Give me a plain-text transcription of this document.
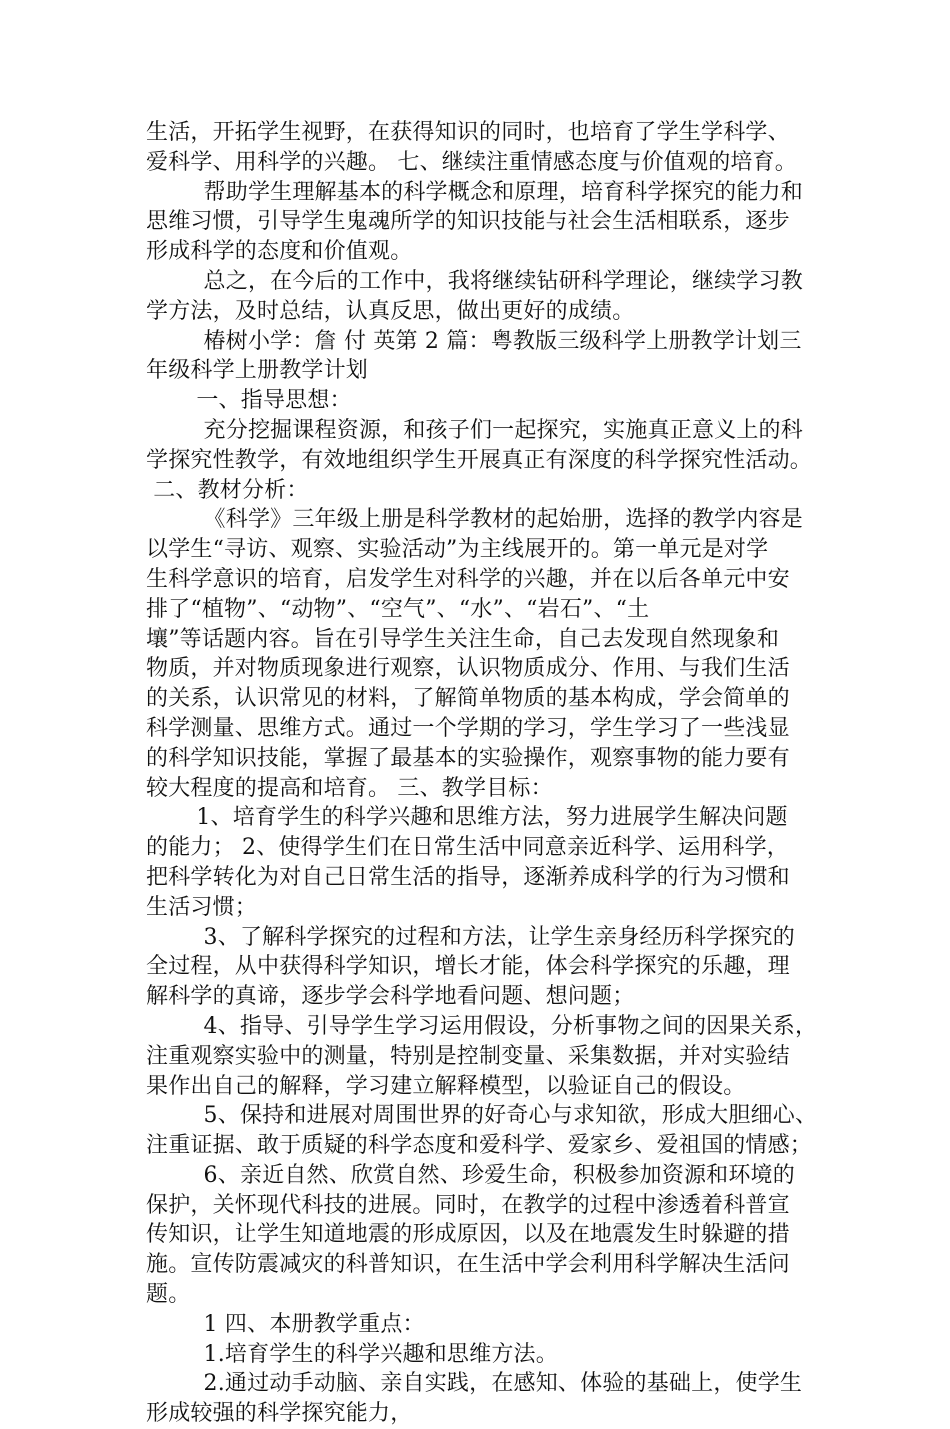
生活，开拓学生视野，在获得知识的同时，也培育了学生学科学、
爱科学、用科学的兴趣。 七、继续注重情感态度与价值观的培育。
帮助学生理解基本的科学概念和原理，培育科学探究的能力和
思维习惯，引导学生鬼魂所学的知识技能与社会生活相联系，逐步
形成科学的态度和价值观。
总之，在今后的工作中，我将继续钻研科学理论，继续学习教
学方法，及时总结，认真反思，做出更好的成绩。
椿树小学：詹 付 英第 2 篇：粤教版三级科学上册教学计划三
年级科学上册教学计划
一、指导思想：
充分挖掘课程资源，和孩子们一起探究，实施真正意义上的科
学探究性教学，有效地组织学生开展真正有深度的科学探究性活动。
二、教材分析：
《科学》三年级上册是科学教材的起始册，选择的教学内容是
以学生“寻访、观察、实验活动”为主线展开的。第一单元是对学
生科学意识的培育，启发学生对科学的兴趣，并在以后各单元中安
排了“植物”、“动物”、“空气”、“水”、“岩石”、“土
壤”等话题内容。旨在引导学生关注生命，自己去发现自然现象和
物质，并对物质现象进行观察，认识物质成分、作用、与我们生活
的关系，认识常见的材料，了解简单物质的基本构成，学会简单的
科学测量、思维方式。通过一个学期的学习，学生学习了一些浅显
的科学知识技能，掌握了最基本的实验操作，观察事物的能力要有
较大程度的提高和培育。 三、教学目标：
1、培育学生的科学兴趣和思维方法，努力进展学生解决问题
的能力； 2、使得学生们在日常生活中同意亲近科学、运用科学，
把科学转化为对自己日常生活的指导，逐渐养成科学的行为习惯和
生活习惯；
3、了解科学探究的过程和方法，让学生亲身经历科学探究的
全过程，从中获得科学知识，增长才能，体会科学探究的乐趣，理
解科学的真谛，逐步学会科学地看问题、想问题；
4、指导、引导学生学习运用假设，分析事物之间的因果关系，
注重观察实验中的测量，特别是控制变量、采集数据，并对实验结
果作出自己的解释，学习建立解释模型，以验证自己的假设。
5、保持和进展对周围世界的好奇心与求知欲，形成大胆细心、
注重证据、敢于质疑的科学态度和爱科学、爱家乡、爱祖国的情感；
6、亲近自然、欣赏自然、珍爱生命，积极参加资源和环境的
保护，关怀现代科技的进展。同时，在教学的过程中渗透着科普宣
传知识，让学生知道地震的形成原因，以及在地震发生时躲避的措
施。宣传防震减灾的科普知识，在生活中学会利用科学解决生活问
题。
1 四、本册教学重点：
1.培育学生的科学兴趣和思维方法。
2.通过动手动脑、亲自实践，在感知、体验的基础上，使学生
形成较强的科学探究能力，
